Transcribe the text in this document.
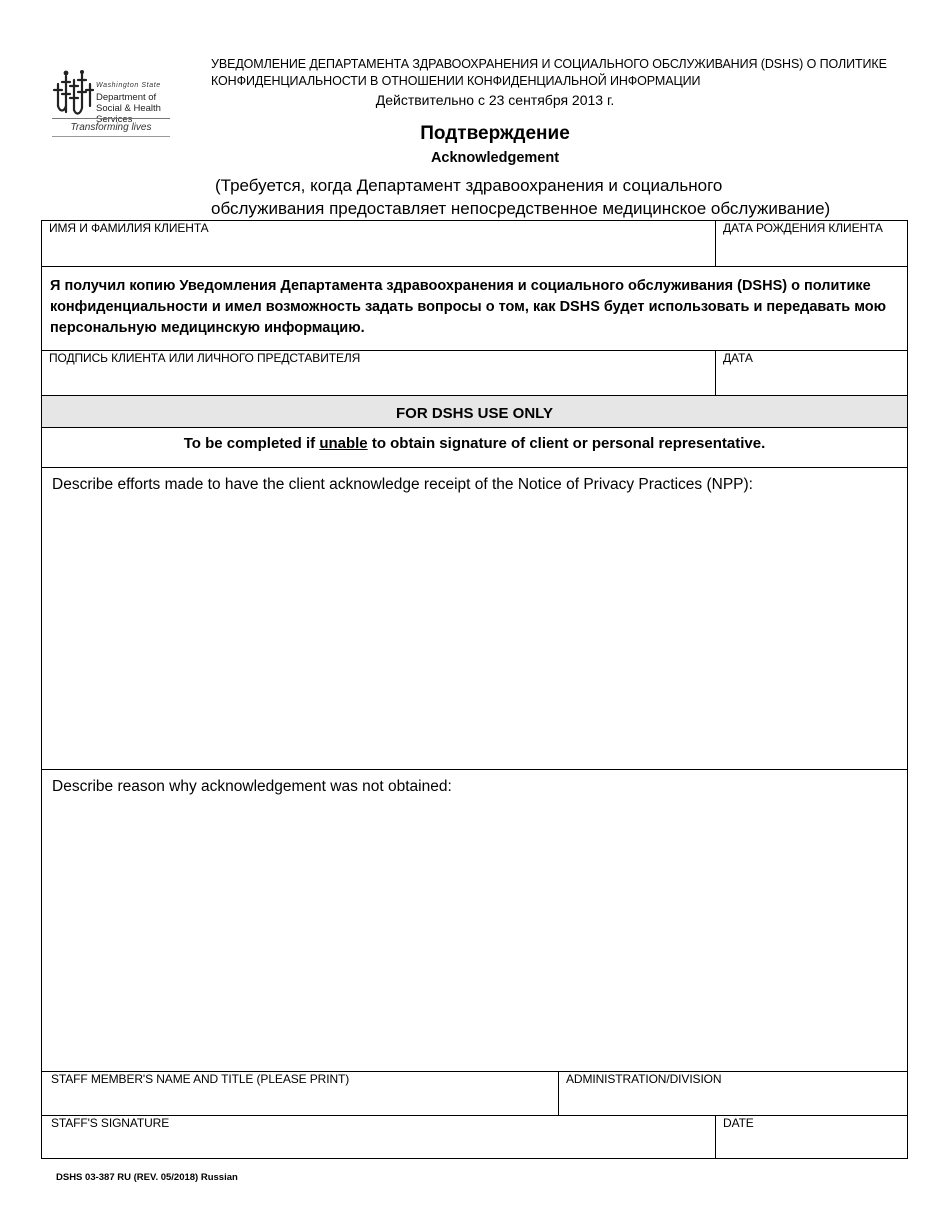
Washington State
Department of Social & Health Services
Transforming lives
УВЕДОМЛЕНИЕ ДЕПАРТАМЕНТА ЗДРАВООХРАНЕНИЯ И СОЦИАЛЬНОГО ОБСЛУЖИВАНИЯ (DSHS) О ПОЛИТИКЕ КОНФИДЕНЦИАЛЬНОСТИ В ОТНОШЕНИИ КОНФИДЕНЦИАЛЬНОЙ ИНФОРМАЦИИ
Действительно с 23 сентября 2013 г.
Подтверждение
Acknowledgement
(Требуется, когда Департамент здравоохранения и социального
обслуживания предоставляет непосредственное медицинское обслуживание)
ИМЯ И ФАМИЛИЯ КЛИЕНТА	ДАТА РОЖДЕНИЯ КЛИЕНТА
Я получил копию Уведомления Департамента здравоохранения и социального обслуживания (DSHS) о политике конфиденциальности и имел возможность задать вопросы о том, как DSHS будет использовать и передавать мою персональную медицинскую информацию.
ПОДПИСЬ КЛИЕНТА ИЛИ ЛИЧНОГО ПРЕДСТАВИТЕЛЯ	ДАТА
FOR DSHS USE ONLY
To be completed if unable to obtain signature of client or personal representative.
Describe efforts made to have the client acknowledge receipt of the Notice of Privacy Practices (NPP):
Describe reason why acknowledgement was not obtained:
STAFF MEMBER'S NAME AND TITLE (PLEASE PRINT)	ADMINISTRATION/DIVISION
STAFF'S SIGNATURE	DATE
DSHS 03-387 RU (REV. 05/2018) Russian
